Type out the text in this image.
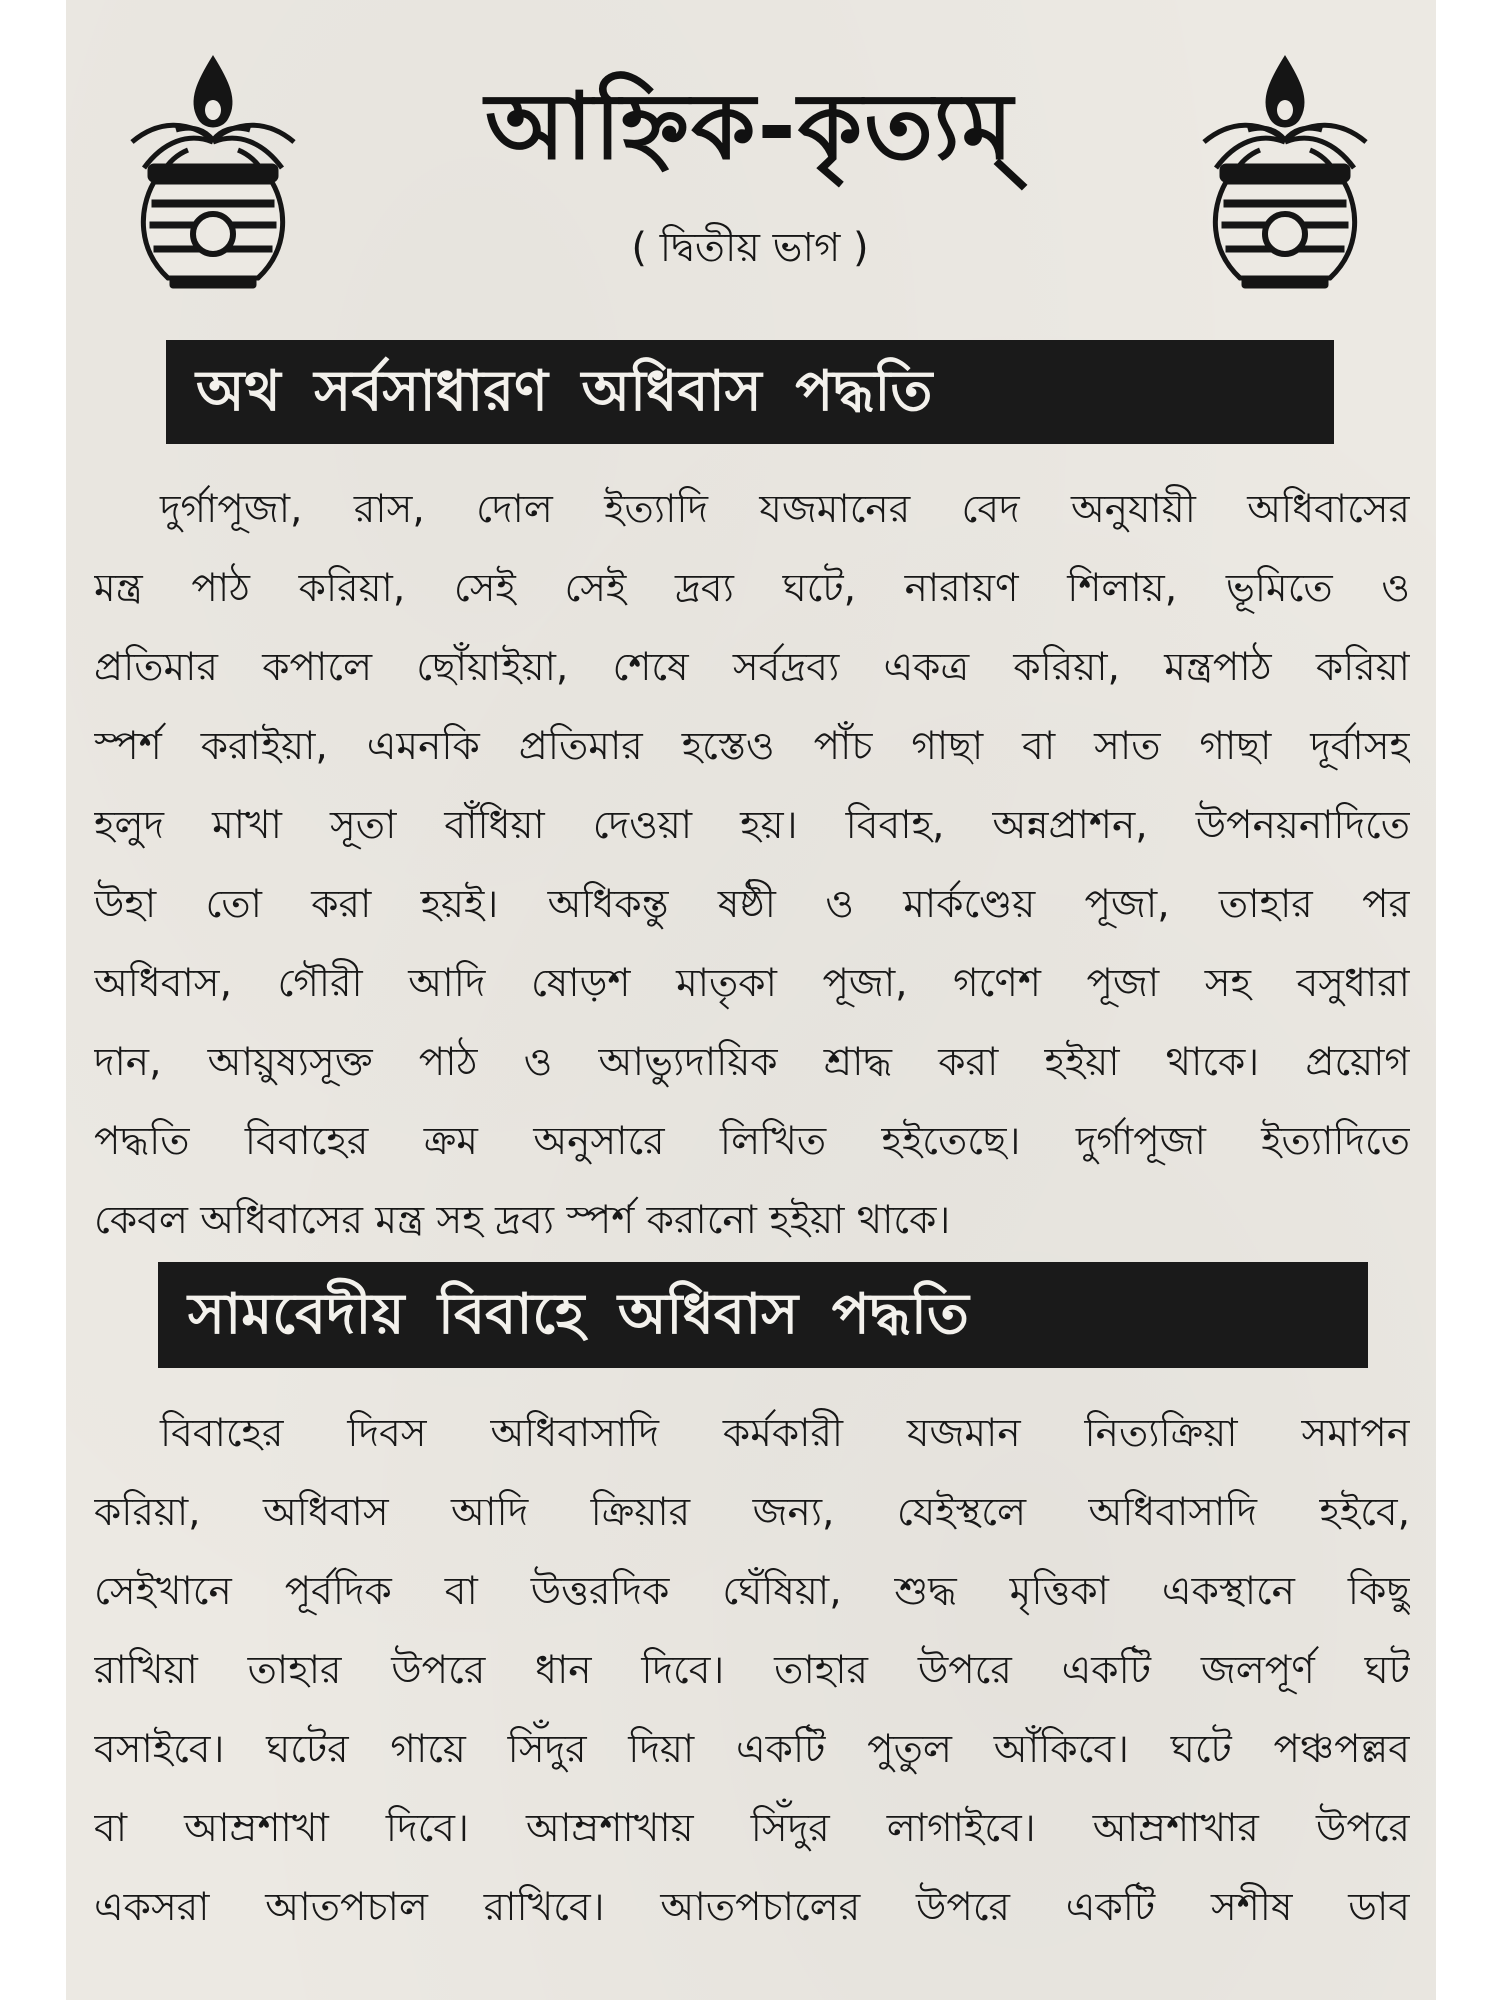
আহ্নিক-কৃত্যম্
( দ্বিতীয় ভাগ )
অথ সর্বসাধারণ অধিবাস পদ্ধতি
দুর্গাপূজা, রাস, দোল ইত্যাদি যজমানের বেদ অনুযায়ী অধিবাসের
মন্ত্র পাঠ করিয়া, সেই সেই দ্রব্য ঘটে, নারায়ণ শিলায়, ভূমিতে ও
প্রতিমার কপালে ছোঁয়াইয়া, শেষে সর্বদ্রব্য একত্র করিয়া, মন্ত্রপাঠ করিয়া
স্পর্শ করাইয়া, এমনকি প্রতিমার হস্তেও পাঁচ গাছা বা সাত গাছা দূর্বাসহ
হলুদ মাখা সূতা বাঁধিয়া দেওয়া হয়। বিবাহ, অন্নপ্রাশন, উপনয়নাদিতে
উহা তো করা হয়ই। অধিকন্তু ষষ্ঠী ও মার্কণ্ডেয় পূজা, তাহার পর
অধিবাস, গৌরী আদি ষোড়শ মাতৃকা পূজা, গণেশ পূজা সহ বসুধারা
দান, আয়ুষ্যসূক্ত পাঠ ও আভ্যুদায়িক শ্রাদ্ধ করা হইয়া থাকে। প্রয়োগ
পদ্ধতি বিবাহের ক্রম অনুসারে লিখিত হইতেছে। দুর্গাপূজা ইত্যাদিতে
কেবল অধিবাসের মন্ত্র সহ দ্রব্য স্পর্শ করানো হইয়া থাকে।
সামবেদীয় বিবাহে অধিবাস পদ্ধতি
বিবাহের দিবস অধিবাসাদি কর্মকারী যজমান নিত্যক্রিয়া সমাপন
করিয়া, অধিবাস আদি ক্রিয়ার জন্য, যেইস্থলে অধিবাসাদি হইবে,
সেইখানে পূর্বদিক বা উত্তরদিক ঘেঁষিয়া, শুদ্ধ মৃত্তিকা একস্থানে কিছু
রাখিয়া তাহার উপরে ধান দিবে। তাহার উপরে একটি জলপূর্ণ ঘট
বসাইবে। ঘটের গায়ে সিঁদুর দিয়া একটি পুতুল আঁকিবে। ঘটে পঞ্চপল্লব
বা আম্রশাখা দিবে। আম্রশাখায় সিঁদুর লাগাইবে। আম্রশাখার উপরে
একসরা আতপচাল রাখিবে। আতপচালের উপরে একটি সশীষ ডাব
